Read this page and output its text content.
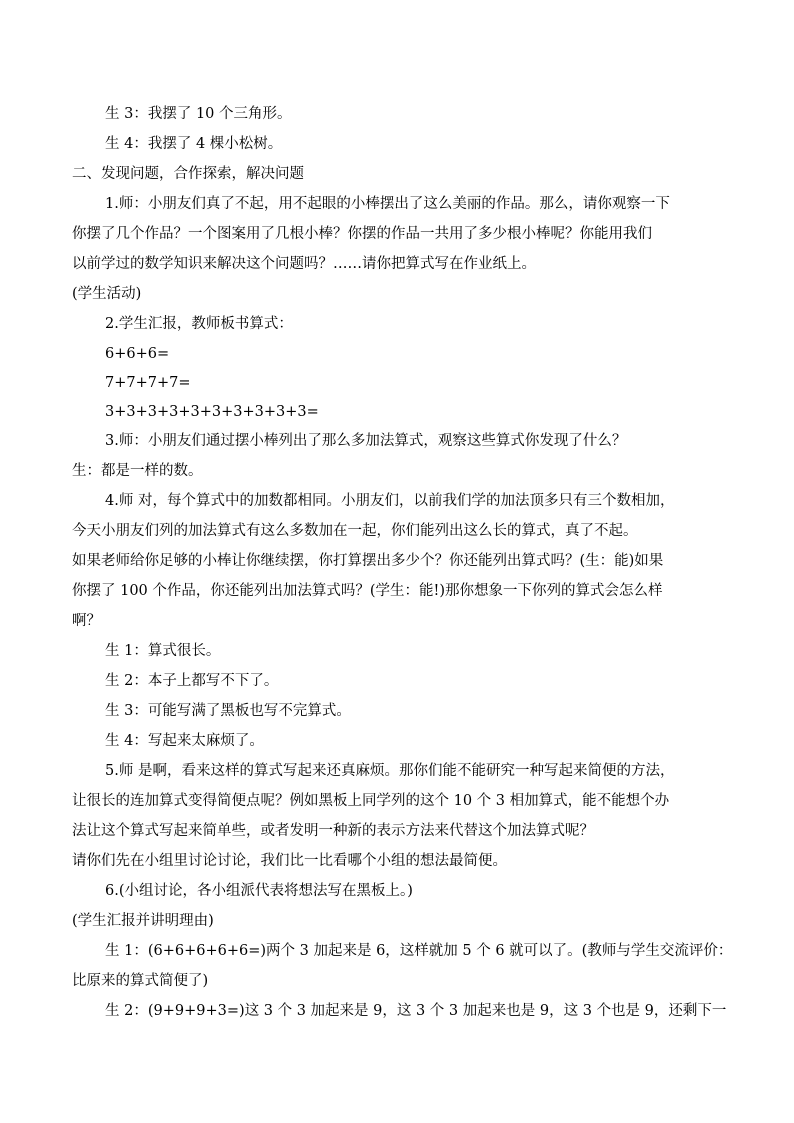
生 3：我摆了 10 个三角形。
生 4：我摆了 4 棵小松树。
二、发现问题，合作探索，解决问题
1.师：小朋友们真了不起，用不起眼的小棒摆出了这么美丽的作品。那么，请你观察一下
你摆了几个作品？一个图案用了几根小棒？你摆的作品一共用了多少根小棒呢？你能用我们
以前学过的数学知识来解决这个问题吗？……请你把算式写在作业纸上。
(学生活动)
2.学生汇报，教师板书算式：
6+6+6=
7+7+7+7=
3+3+3+3+3+3+3+3+3+3=
3.师：小朋友们通过摆小棒列出了那么多加法算式，观察这些算式你发现了什么？
生：都是一样的数。
4.师 对，每个算式中的加数都相同。小朋友们，以前我们学的加法顶多只有三个数相加，
今天小朋友们列的加法算式有这么多数加在一起，你们能列出这么长的算式，真了不起。
如果老师给你足够的小棒让你继续摆，你打算摆出多少个？你还能列出算式吗？(生：能)如果
你摆了 100 个作品，你还能列出加法算式吗？(学生：能!)那你想象一下你列的算式会怎么样
啊？
生 1：算式很长。
生 2：本子上都写不下了。
生 3：可能写满了黑板也写不完算式。
生 4：写起来太麻烦了。
5.师 是啊，看来这样的算式写起来还真麻烦。那你们能不能研究一种写起来简便的方法，
让很长的连加算式变得简便点呢？例如黑板上同学列的这个 10 个 3 相加算式，能不能想个办
法让这个算式写起来简单些，或者发明一种新的表示方法来代替这个加法算式呢？
请你们先在小组里讨论讨论，我们比一比看哪个小组的想法最简便。
6.(小组讨论，各小组派代表将想法写在黑板上。)
(学生汇报并讲明理由)
生 1：(6+6+6+6+6=)两个 3 加起来是 6，这样就加 5 个 6 就可以了。(教师与学生交流评价：
比原来的算式简便了)
生 2：(9+9+9+3=)这 3 个 3 加起来是 9，这 3 个 3 加起来也是 9，这 3 个也是 9，还剩下一
